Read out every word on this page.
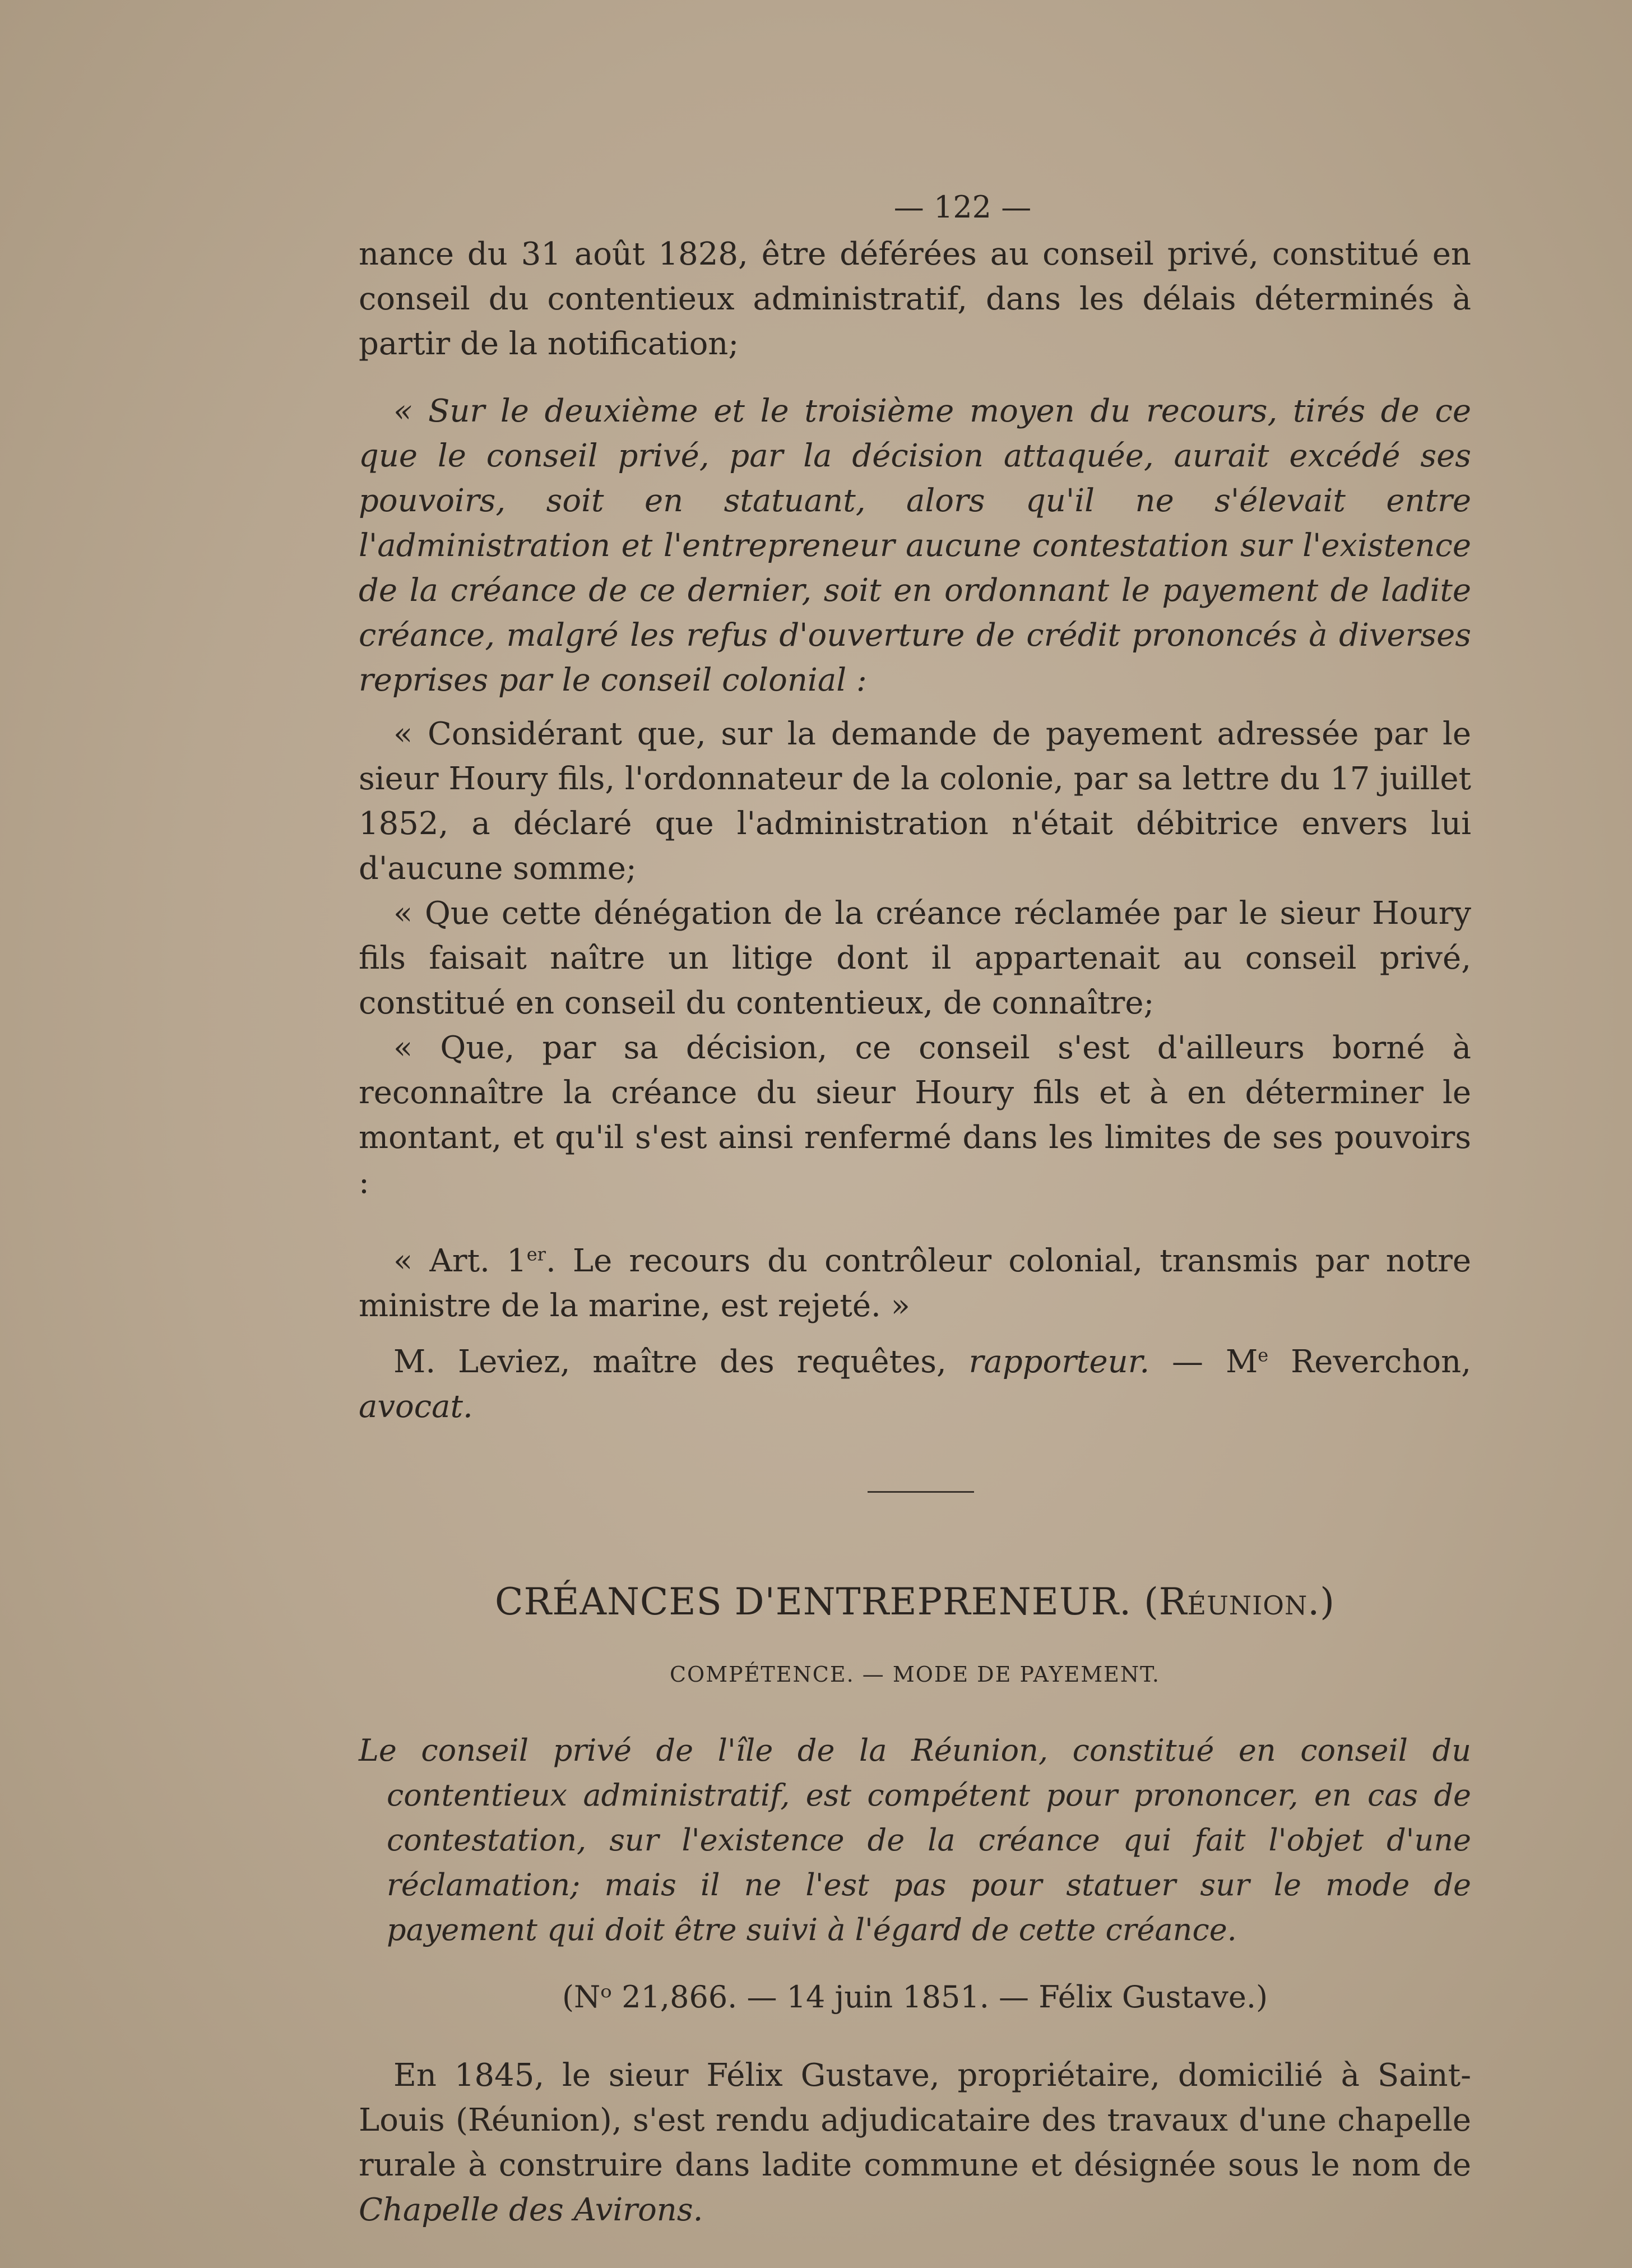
— 122 —

nance du 31 août 1828, être déférées au conseil privé, constitué en conseil du contentieux administratif, dans les délais déterminés à partir de la notification;

« Sur le deuxième et le troisième moyen du recours, tirés de ce que le conseil privé, par la décision attaquée, aurait excédé ses pouvoirs, soit en statuant, alors qu'il ne s'élevait entre l'administration et l'entrepreneur aucune contestation sur l'existence de la créance de ce dernier, soit en ordonnant le payement de ladite créance, malgré les refus d'ouverture de crédit prononcés à diverses reprises par le conseil colonial :

« Considérant que, sur la demande de payement adressée par le sieur Houry fils, l'ordonnateur de la colonie, par sa lettre du 17 juillet 1852, a déclaré que l'administration n'était débitrice envers lui d'aucune somme;

« Que cette dénégation de la créance réclamée par le sieur Houry fils faisait naître un litige dont il appartenait au conseil privé, constitué en conseil du contentieux, de connaître;

« Que, par sa décision, ce conseil s'est d'ailleurs borné à reconnaître la créance du sieur Houry fils et à en déterminer le montant, et qu'il s'est ainsi renfermé dans les limites de ses pouvoirs :

« Art. 1er. Le recours du contrôleur colonial, transmis par notre ministre de la marine, est rejeté. »

M. Leviez, maître des requêtes, rapporteur. — Me Reverchon, avocat.

CRÉANCES D'ENTREPRENEUR. (Réunion.)
COMPÉTENCE. — MODE DE PAYEMENT.

Le conseil privé de l'île de la Réunion, constitué en conseil du contentieux administratif, est compétent pour prononcer, en cas de contestation, sur l'existence de la créance qui fait l'objet d'une réclamation; mais il ne l'est pas pour statuer sur le mode de payement qui doit être suivi à l'égard de cette créance.

(Nᵒ 21,866. — 14 juin 1851. — Félix Gustave.)

En 1845, le sieur Félix Gustave, propriétaire, domicilié à Saint-Louis (Réunion), s'est rendu adjudicataire des travaux d'une chapelle rurale à construire dans ladite commune et désignée sous le nom de Chapelle des Avirons.
